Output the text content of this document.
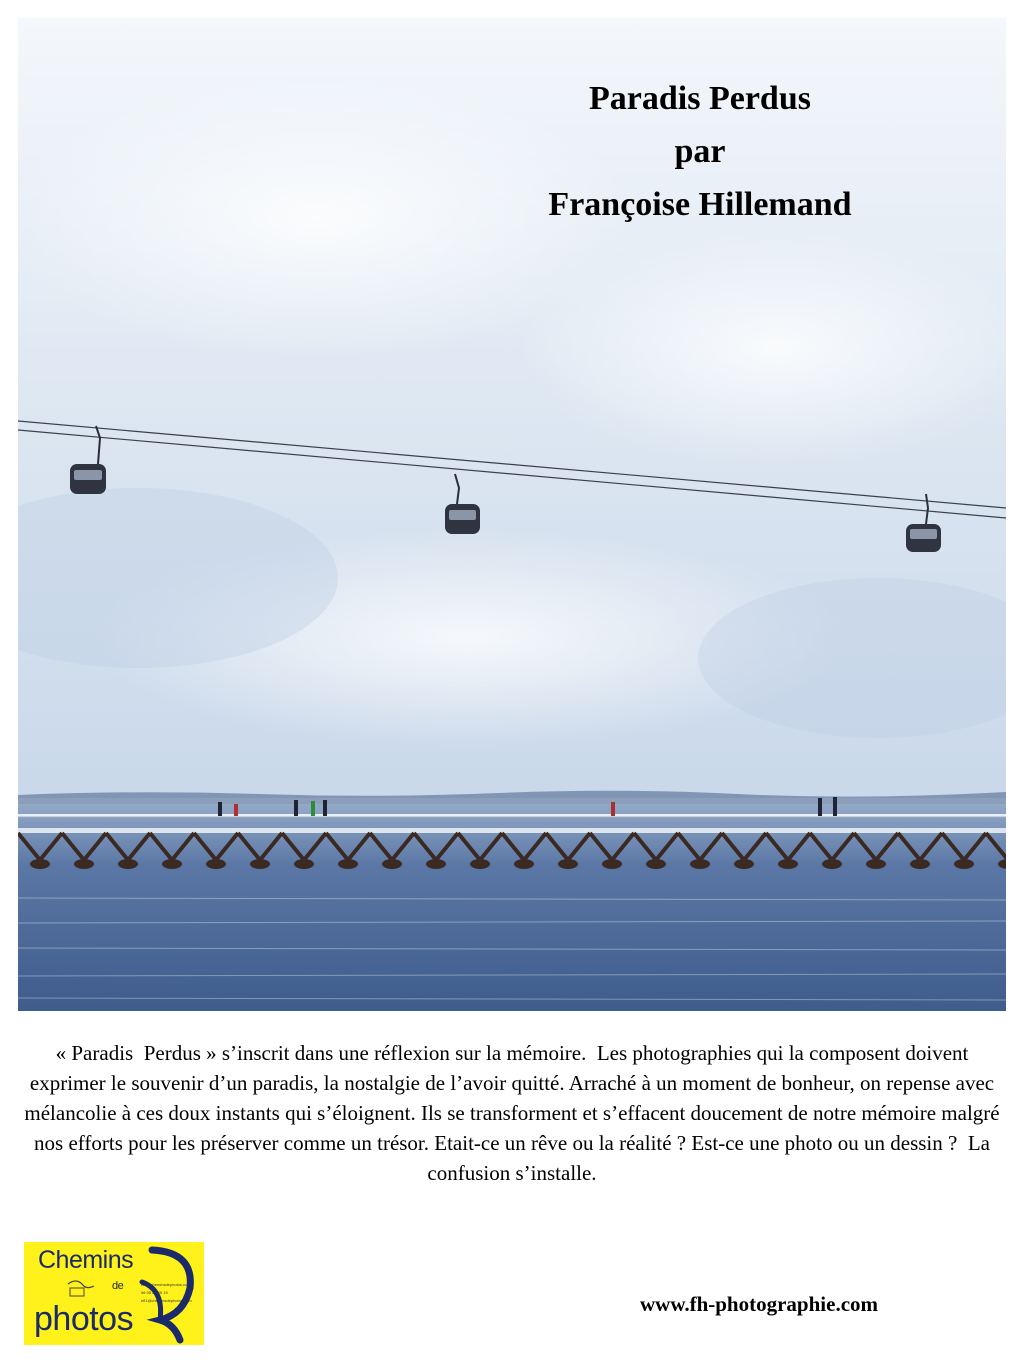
Paradis Perdus
par
Françoise Hillemand
« Paradis  Perdus » s’inscrit dans une réflexion sur la mémoire.  Les photographies qui la composent doivent exprimer le souvenir d’un paradis, la nostalgie de l’avoir quitté. Arraché à un moment de bonheur, on repense avec mélancolie à ces doux instants qui s’éloignent. Ils se transforment et s’effacent doucement de notre mémoire malgré nos efforts pour les préserver comme un trésor. Etait-ce un rêve ou la réalité ? Est-ce une photo ou un dessin ?  La confusion s’installe.
Chemins
de
photos
www.cheminsdephotos.com
06 95 29 65 19
efl1@cheminsdephotos.com	www.fh-photographie.com
